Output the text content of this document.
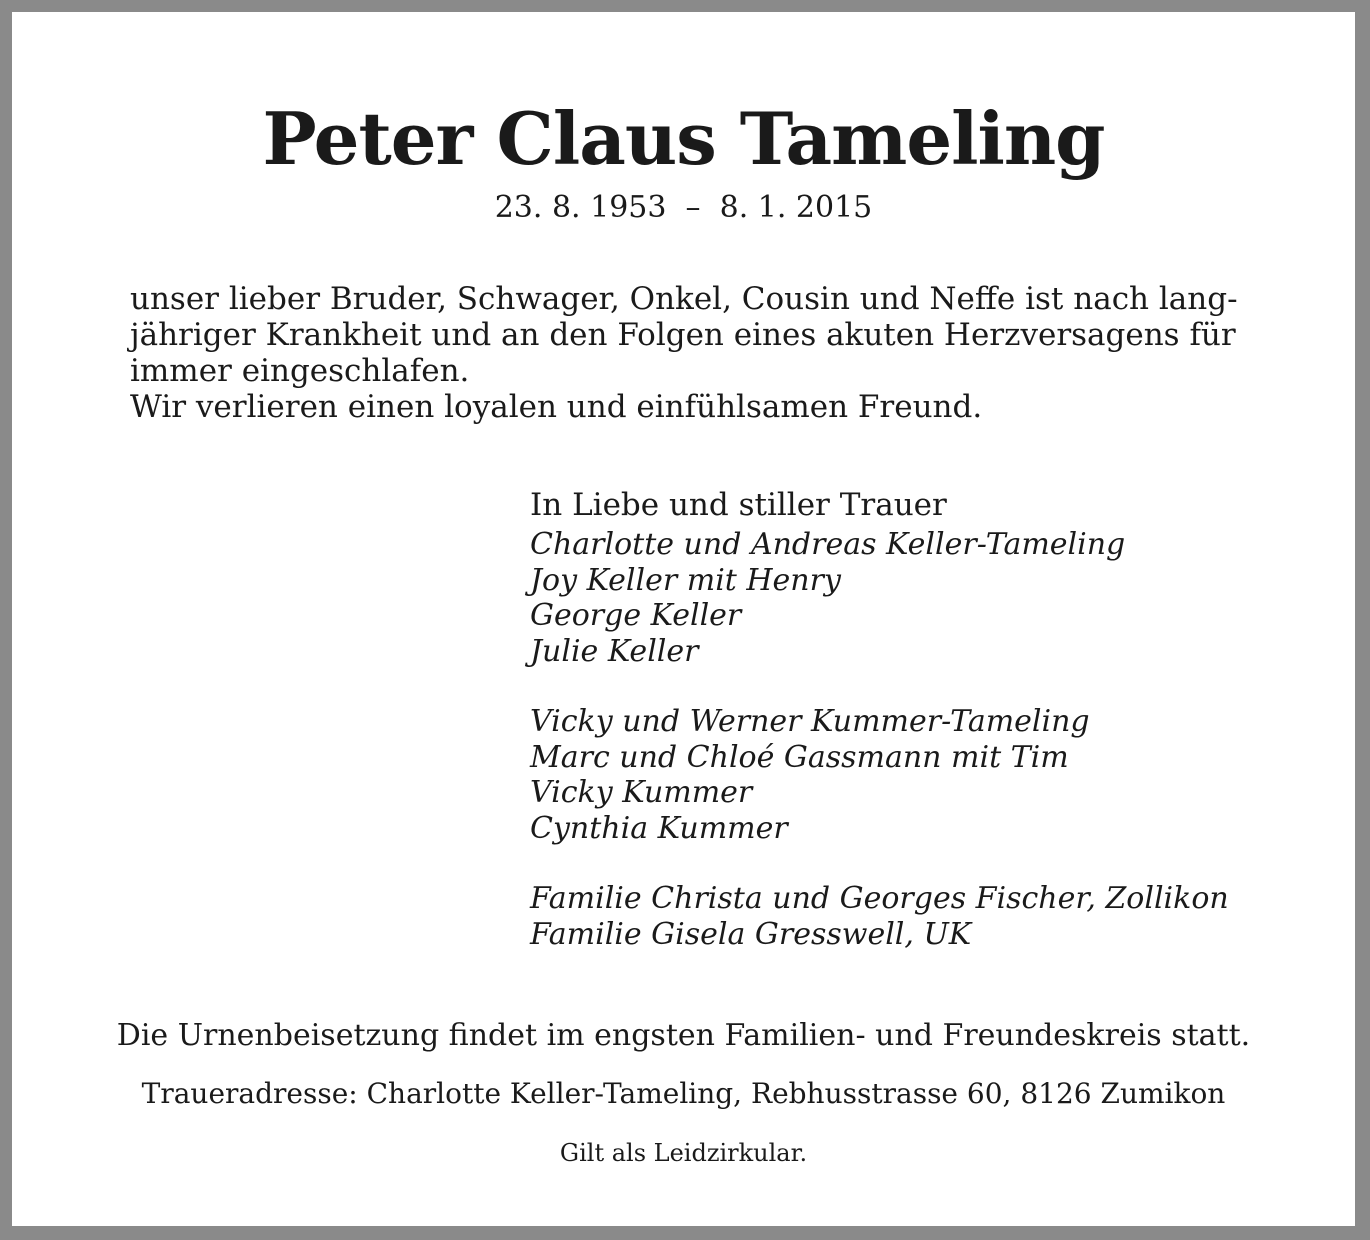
Peter Claus Tameling
23. 8. 1953  –  8. 1. 2015
unser lieber Bruder, Schwager, Onkel, Cousin und Neffe ist nach lang-
jähriger Krankheit und an den Folgen eines akuten Herzversagens für
immer eingeschlafen.
Wir verlieren einen loyalen und einfühlsamen Freund.
In Liebe und stiller Trauer
Charlotte und Andreas Keller-Tameling
Joy Keller mit Henry
George Keller
Julie Keller
Vicky und Werner Kummer-Tameling
Marc und Chloé Gassmann mit Tim
Vicky Kummer
Cynthia Kummer
Familie Christa und Georges Fischer, Zollikon
Familie Gisela Gresswell, UK
Die Urnenbeisetzung findet im engsten Familien- und Freundeskreis statt.
Traueradresse: Charlotte Keller-Tameling, Rebhusstrasse 60, 8126 Zumikon
Gilt als Leidzirkular.
